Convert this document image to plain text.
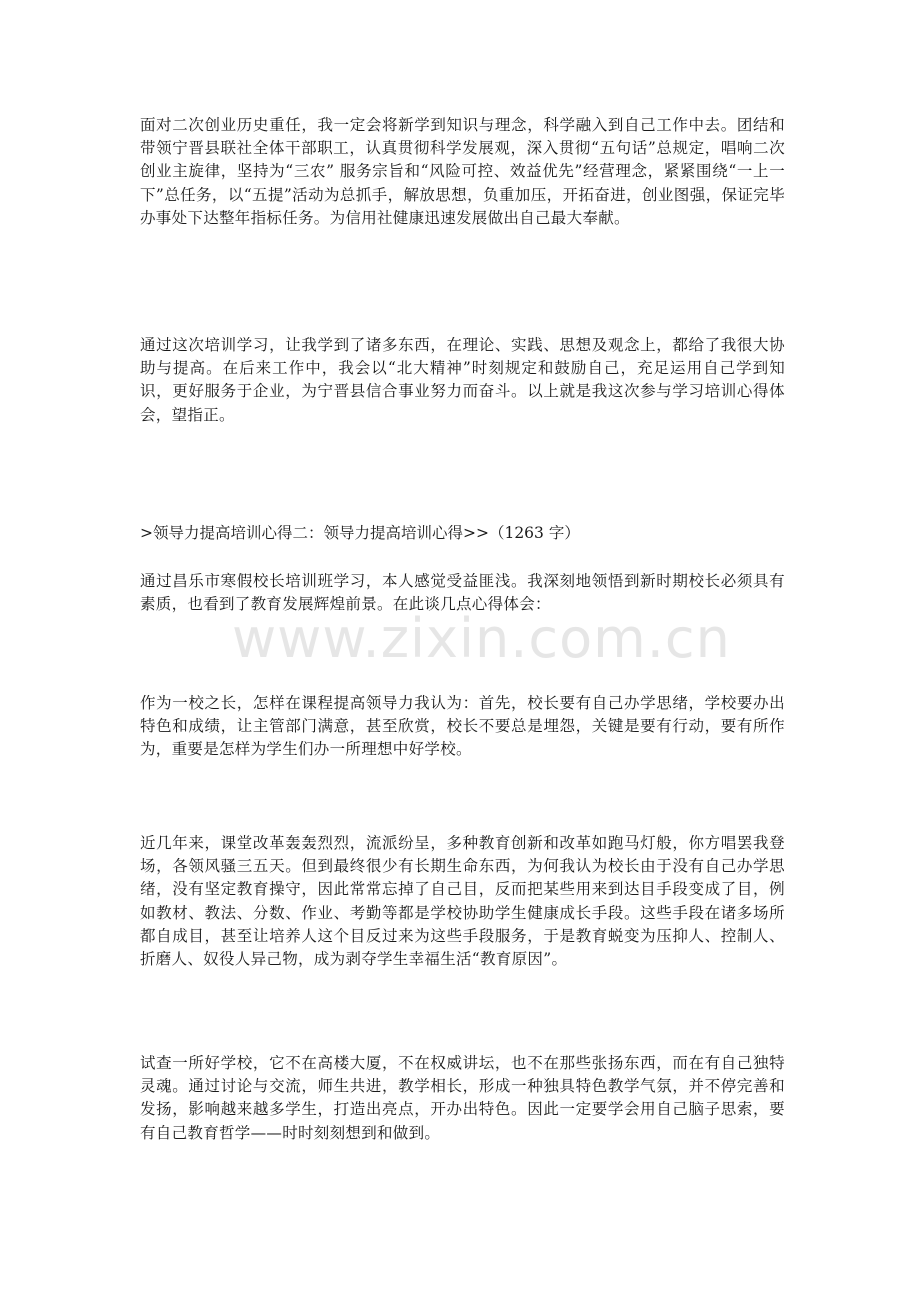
面对二次创业历史重任，我一定会将新学到知识与理念，科学融入到自己工作中去。团结和带领宁晋县联社全体干部职工，认真贯彻科学发展观，深入贯彻“五句话”总规定，唱响二次创业主旋律，坚持为“三农” 服务宗旨和“风险可控、效益优先”经营理念，紧紧围绕“一上一下”总任务，以“五提”活动为总抓手，解放思想，负重加压，开拓奋进，创业图强，保证完毕办事处下达整年指标任务。为信用社健康迅速发展做出自己最大奉献。

通过这次培训学习，让我学到了诸多东西，在理论、实践、思想及观念上，都给了我很大协助与提高。在后来工作中，我会以“北大精神”时刻规定和鼓励自己，充足运用自己学到知识，更好服务于企业，为宁晋县信合事业努力而奋斗。以上就是我这次参与学习培训心得体会，望指正。

>领导力提高培训心得二：领导力提高培训心得>>（1263 字）

通过昌乐市寒假校长培训班学习，本人感觉受益匪浅。我深刻地领悟到新时期校长必须具有素质，也看到了教育发展辉煌前景。在此谈几点心得体会：

www.zixin.com.cn

作为一校之长，怎样在课程提高领导力我认为：首先，校长要有自己办学思绪，学校要办出特色和成绩，让主管部门满意，甚至欣赏，校长不要总是埋怨，关键是要有行动，要有所作为，重要是怎样为学生们办一所理想中好学校。

近几年来，课堂改革轰轰烈烈，流派纷呈，多种教育创新和改革如跑马灯般，你方唱罢我登场，各领风骚三五天。但到最终很少有长期生命东西，为何我认为校长由于没有自己办学思绪，没有坚定教育操守，因此常常忘掉了自己目，反而把某些用来到达目手段变成了目，例如教材、教法、分数、作业、考勤等都是学校协助学生健康成长手段。这些手段在诸多场所都自成目，甚至让培养人这个目反过来为这些手段服务，于是教育蜕变为压抑人、控制人、折磨人、奴役人异己物，成为剥夺学生幸福生活“教育原因”。

试查一所好学校，它不在高楼大厦，不在权威讲坛，也不在那些张扬东西，而在有自己独特灵魂。通过讨论与交流，师生共进，教学相长，形成一种独具特色教学气氛，并不停完善和发扬，影响越来越多学生，打造出亮点，开办出特色。因此一定要学会用自己脑子思索，要有自己教育哲学——时时刻刻想到和做到。
